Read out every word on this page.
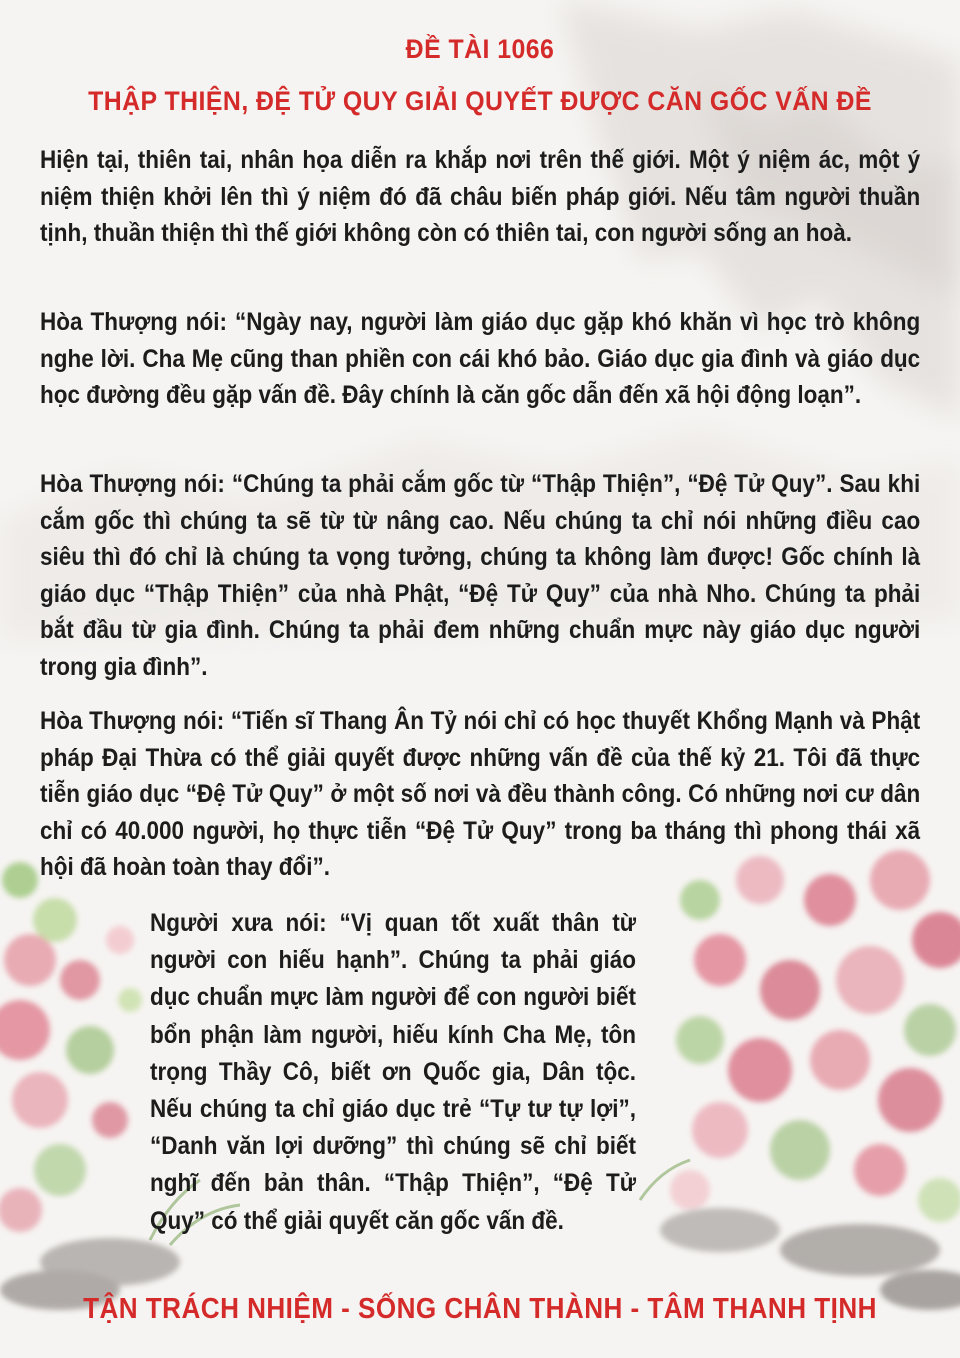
ĐỀ TÀI 1066
THẬP THIỆN, ĐỆ TỬ QUY GIẢI QUYẾT ĐƯỢC CĂN GỐC VẤN ĐỀ
Hiện tại, thiên tai, nhân họa diễn ra khắp nơi trên thế giới. Một ý niệm ác, một ý niệm thiện khởi lên thì ý niệm đó đã châu biến pháp giới. Nếu tâm người thuần tịnh, thuần thiện thì thế giới không còn có thiên tai, con người sống an hoà.
Hòa Thượng nói: “Ngày nay, người làm giáo dục gặp khó khăn vì học trò không nghe lời. Cha Mẹ cũng than phiền con cái khó bảo. Giáo dục gia đình và giáo dục học đường đều gặp vấn đề. Đây chính là căn gốc dẫn đến xã hội động loạn”.
Hòa Thượng nói: “Chúng ta phải cắm gốc từ “Thập Thiện”, “Đệ Tử Quy”. Sau khi cắm gốc thì chúng ta sẽ từ từ nâng cao. Nếu chúng ta chỉ nói những điều cao siêu thì đó chỉ là chúng ta vọng tưởng, chúng ta không làm được! Gốc chính là giáo dục “Thập Thiện” của nhà Phật, “Đệ Tử Quy” của nhà Nho. Chúng ta phải bắt đầu từ gia đình. Chúng ta phải đem những chuẩn mực này giáo dục người trong gia đình”.
Hòa Thượng nói: “Tiến sĩ Thang Ân Tỷ nói chỉ có học thuyết Khổng Mạnh và Phật pháp Đại Thừa có thể giải quyết được những vấn đề của thế kỷ 21. Tôi đã thực tiễn giáo dục “Đệ Tử Quy” ở một số nơi và đều thành công. Có những nơi cư dân chỉ có 40.000 người, họ thực tiễn “Đệ Tử Quy” trong ba tháng thì phong thái xã hội đã hoàn toàn thay đổi”.
Người xưa nói: “Vị quan tốt xuất thân từ người con hiếu hạnh”. Chúng ta phải giáo dục chuẩn mực làm người để con người biết bổn phận làm người, hiếu kính Cha Mẹ, tôn trọng Thầy Cô, biết ơn Quốc gia, Dân tộc. Nếu chúng ta chỉ giáo dục trẻ “Tự tư tự lợi”, “Danh văn lợi dưỡng” thì chúng sẽ chỉ biết nghĩ đến bản thân. “Thập Thiện”, “Đệ Tử Quy” có thể giải quyết căn gốc vấn đề.
TẬN TRÁCH NHIỆM - SỐNG CHÂN THÀNH - TÂM THANH TỊNH
